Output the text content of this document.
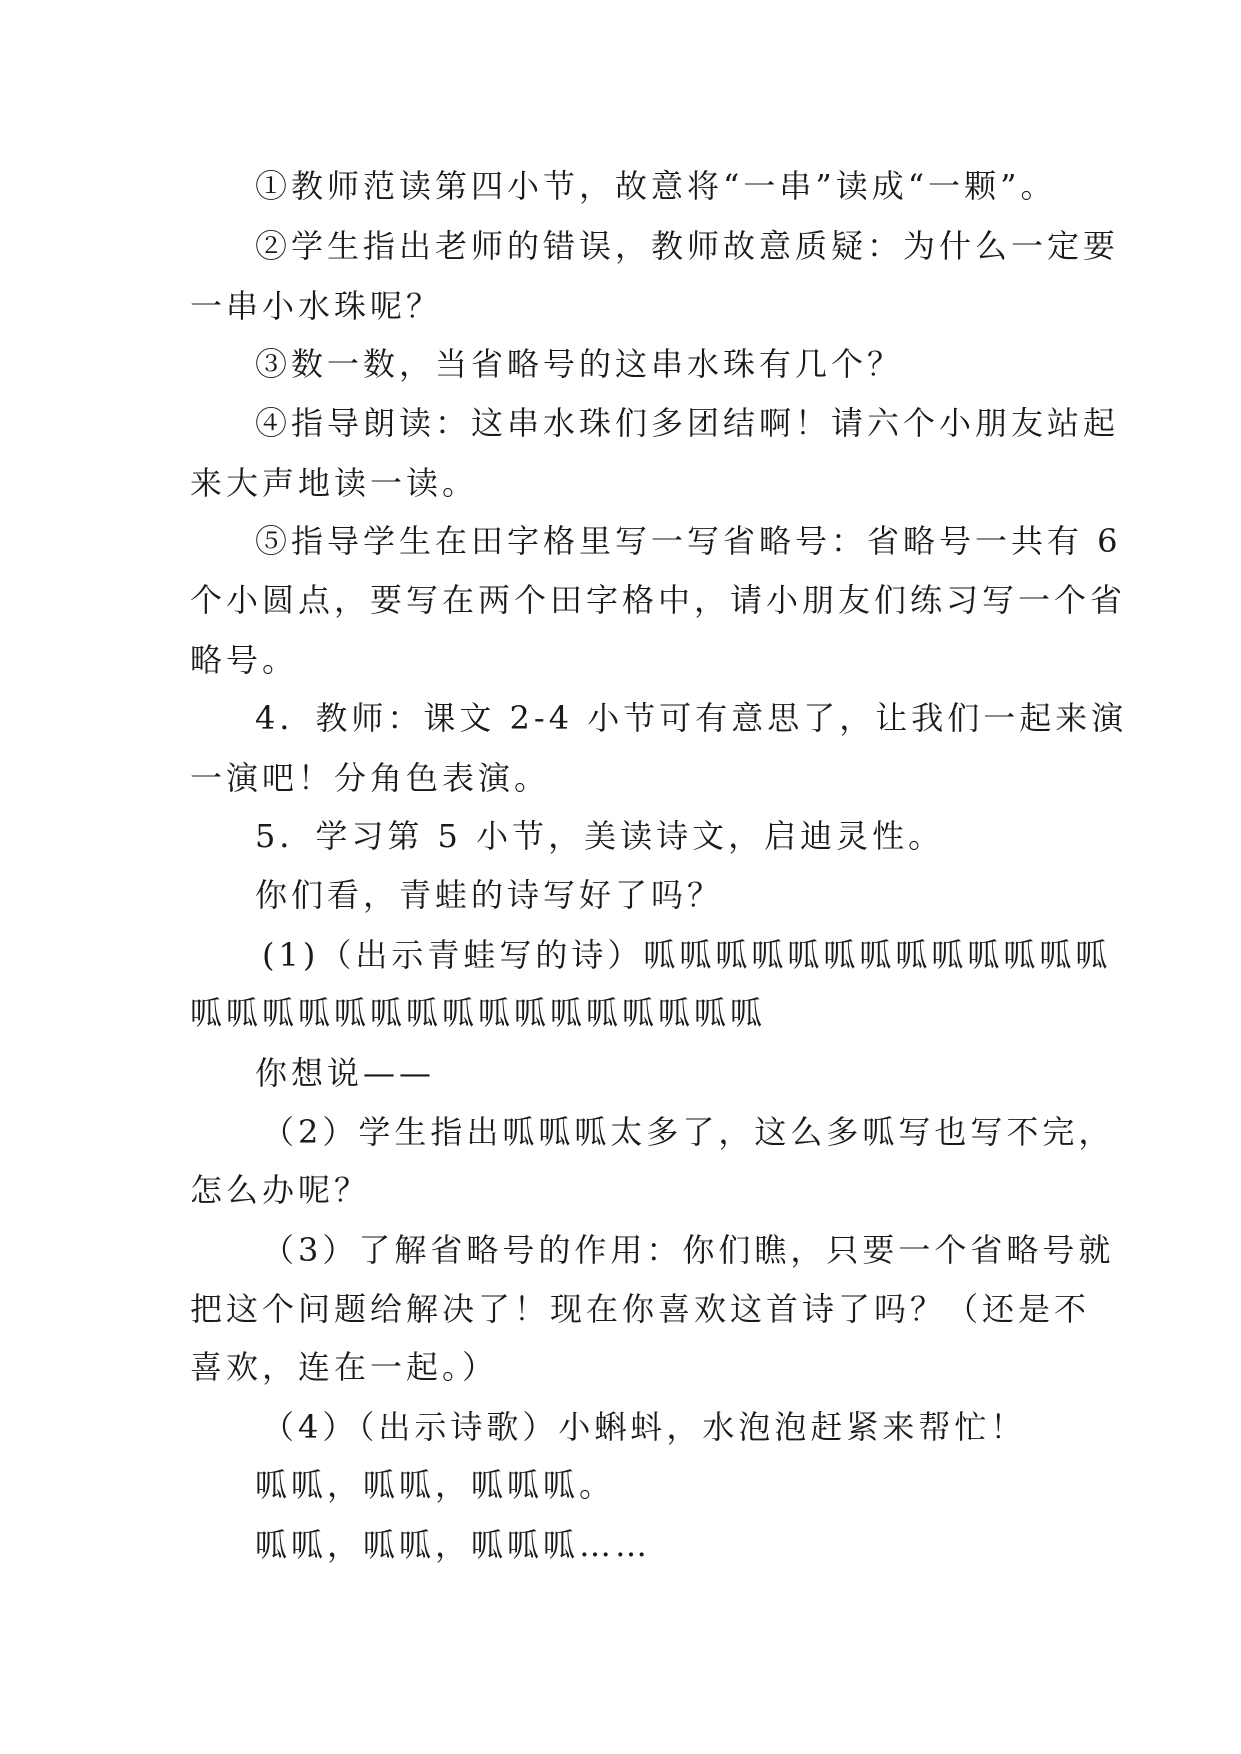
①教师范读第四小节，故意将“一串”读成“一颗”。
②学生指出老师的错误，教师故意质疑：为什么一定要
一串小水珠呢？
③数一数，当省略号的这串水珠有几个？
④指导朗读：这串水珠们多团结啊！请六个小朋友站起
来大声地读一读。
⑤指导学生在田字格里写一写省略号：省略号一共有 6
个小圆点，要写在两个田字格中，请小朋友们练习写一个省
略号。
4．教师：课文 2-4 小节可有意思了，让我们一起来演
一演吧！分角色表演。
5．学习第 5 小节，美读诗文，启迪灵性。
你们看，青蛙的诗写好了吗？
(1)（出示青蛙写的诗）呱呱呱呱呱呱呱呱呱呱呱呱呱
呱呱呱呱呱呱呱呱呱呱呱呱呱呱呱呱
你想说——
（2）学生指出呱呱呱太多了，这么多呱写也写不完，
怎么办呢？
（3）了解省略号的作用：你们瞧，只要一个省略号就
把这个问题给解决了！现在你喜欢这首诗了吗？（还是不
喜欢，连在一起。）
（4）（出示诗歌）小蝌蚪，水泡泡赶紧来帮忙！
呱呱，呱呱，呱呱呱。
呱呱，呱呱，呱呱呱……
